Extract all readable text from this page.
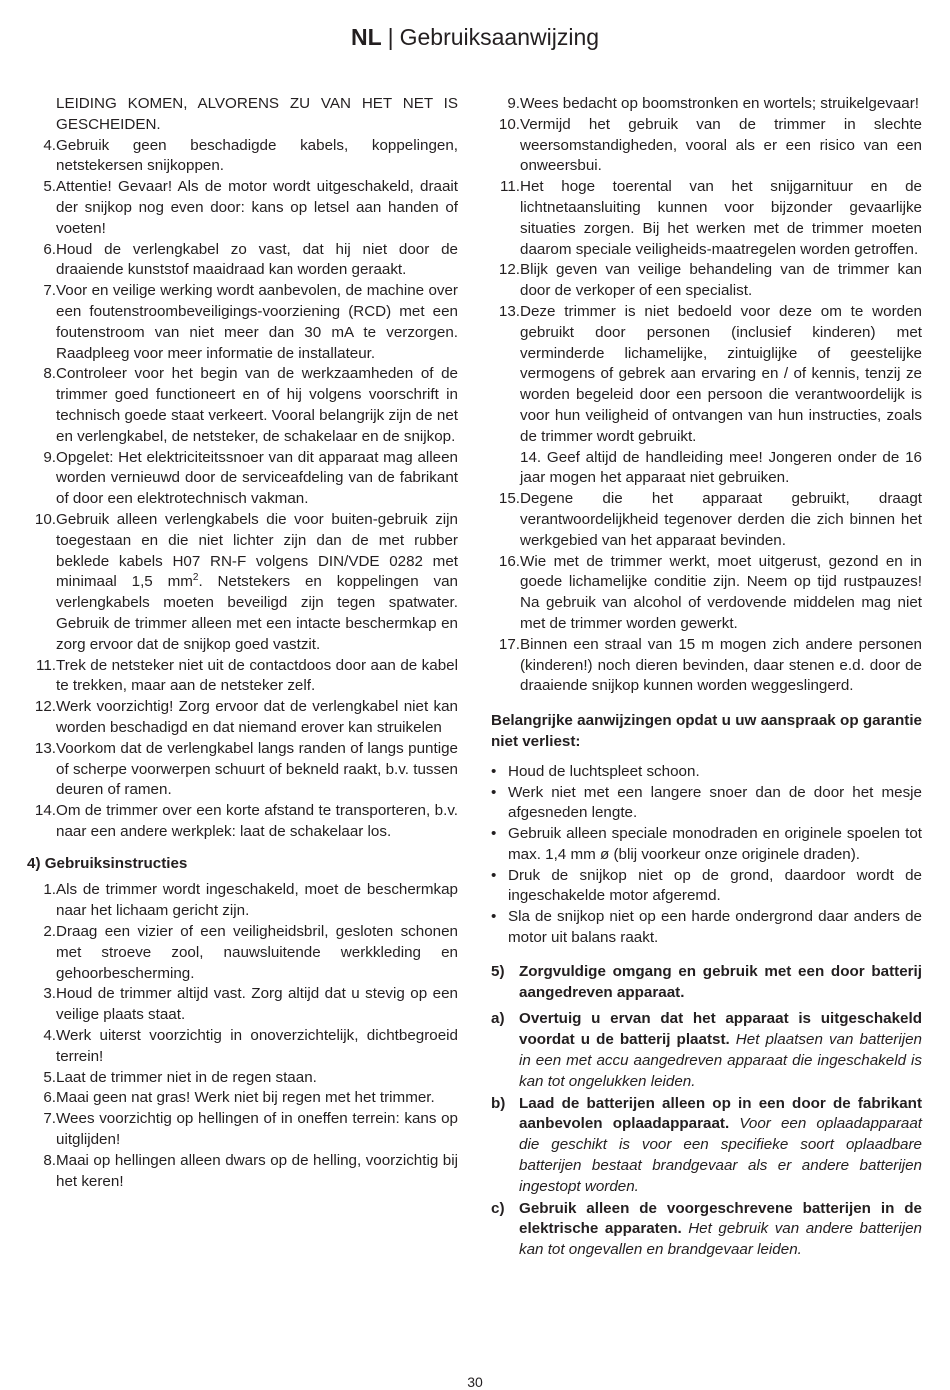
NL | Gebruiksaanwijzing
LEIDING KOMEN, ALVORENS ZU VAN HET NET IS GESCHEIDEN.
4. Gebruik geen beschadigde kabels, koppelingen, netstekersen snijkoppen.
5. Attentie! Gevaar! Als de motor wordt uitgeschakeld, draait der snijkop nog even door: kans op letsel aan handen of voeten!
6. Houd de verlengkabel zo vast, dat hij niet door de draaiende kunststof maaidraad kan worden geraakt.
7. Voor en veilige werking wordt aanbevolen, de machine over een foutenstroombeveiligings-voorziening (RCD) met een foutenstroom van niet meer dan 30 mA te verzorgen. Raadpleeg voor meer informatie de installateur.
8. Controleer voor het begin van de werkzaamheden of de trimmer goed functioneert en of hij volgens voorschrift in technisch goede staat verkeert. Vooral belangrijk zijn de net en verlengkabel, de netsteker, de schakelaar en de snijkop.
9. Opgelet: Het elektriciteitssnoer van dit apparaat mag alleen worden vernieuwd door de serviceafdeling van de fabrikant of door een elektrotechnisch vakman.
10. Gebruik alleen verlengkabels die voor buiten-gebruik zijn toegestaan en die niet lichter zijn dan de met rubber beklede kabels H07 RN-F volgens DIN/VDE 0282 met minimaal 1,5 $mm^2$. Netstekers en koppelingen van verlengkabels moeten beveiligd zijn tegen spatwater. Gebruik de trimmer alleen met een intacte beschermkap en zorg ervoor dat de snijkop goed vastzit.
11. Trek de netsteker niet uit de contactdoos door aan de kabel te trekken, maar aan de netsteker zelf.
12. Werk voorzichtig! Zorg ervoor dat de verlengkabel niet kan worden beschadigd en dat niemand erover kan struikelen
13. Voorkom dat de verlengkabel langs randen of langs puntige of scherpe voorwerpen schuurt of bekneld raakt, b.v. tussen deuren of ramen.
14. Om de trimmer over een korte afstand te transporteren, b.v. naar een andere werkplek: laat de schakelaar los.
4) Gebruiksinstructies
1. Als de trimmer wordt ingeschakeld, moet de beschermkap naar het lichaam gericht zijn.
2. Draag een vizier of een veiligheidsbril, gesloten schonen met stroeve zool, nauwsluitende werkkleding en gehoorbescherming.
3. Houd de trimmer altijd vast. Zorg altijd dat u stevig op een veilige plaats staat.
4. Werk uiterst voorzichtig in onoverzichtelijk, dichtbegroeid terrein!
5. Laat de trimmer niet in de regen staan.
6. Maai geen nat gras! Werk niet bij regen met het trimmer.
7. Wees voorzichtig op hellingen of in oneffen terrein: kans op uitglijden!
8. Maai op hellingen alleen dwars op de helling, voorzichtig bij het keren!
9. Wees bedacht op boomstronken en wortels; struikelgevaar!
10. Vermijd het gebruik van de trimmer in slechte weersomstandigheden, vooral als er een risico van een onweersbui.
11. Het hoge toerental van het snijgarnituur en de lichtnetaansluiting kunnen voor bijzonder gevaarlijke situaties zorgen. Bij het werken met de trimmer moeten daarom speciale veiligheids-maatregelen worden getroffen.
12. Blijk geven van veilige behandeling van de trimmer kan door de verkoper of een specialist.
13. Deze trimmer is niet bedoeld voor deze om te worden gebruikt door personen (inclusief kinderen) met verminderde lichamelijke, zintuiglijke of geestelijke vermogens of gebrek aan ervaring en / of kennis, tenzij ze worden begeleid door een persoon die verantwoordelijk is voor hun veiligheid of ontvangen van hun instructies, zoals de trimmer wordt gebruikt.
14. Geef altijd de handleiding mee! Jongeren onder de 16 jaar mogen het apparaat niet gebruiken.
15. Degene die het apparaat gebruikt, draagt verantwoordelijkheid tegenover derden die zich binnen het werkgebied van het apparaat bevinden.
16. Wie met de trimmer werkt, moet uitgerust, gezond en in goede lichamelijke conditie zijn. Neem op tijd rustpauzes! Na gebruik van alcohol of verdovende middelen mag niet met de trimmer worden gewerkt.
17. Binnen een straal van 15 m mogen zich andere personen (kinderen!) noch dieren bevinden, daar stenen e.d. door de draaiende snijkop kunnen worden weggeslingerd.
Belangrijke aanwijzingen opdat u uw aanspraak op garantie niet verliest:
• Houd de luchtspleet schoon.
• Werk niet met een langere snoer dan de door het mesje afgesneden lengte.
• Gebruik alleen speciale monodraden en originele spoelen tot max. 1,4 mm ø (blij voorkeur onze originele draden).
• Druk de snijkop niet op de grond, daardoor wordt de ingeschakelde motor afgeremd.
• Sla de snijkop niet op een harde ondergrond daar anders de motor uit balans raakt.
5) Zorgvuldige omgang en gebruik met een door batterij aangedreven apparaat.
a) Overtuig u ervan dat het apparaat is uitgeschakeld voordat u de batterij plaatst. Het plaatsen van batterijen in een met accu aangedreven apparaat die ingeschakeld is kan tot ongelukken leiden.
b) Laad de batterijen alleen op in een door de fabrikant aanbevolen oplaadapparaat. Voor een oplaadapparaat die geschikt is voor een specifieke soort oplaadbare batterijen bestaat brandgevaar als er andere batterijen ingestopt worden.
c) Gebruik alleen de voorgeschrevene batterijen in de elektrische apparaten. Het gebruik van andere batterijen kan tot ongevallen en brandgevaar leiden.
30
